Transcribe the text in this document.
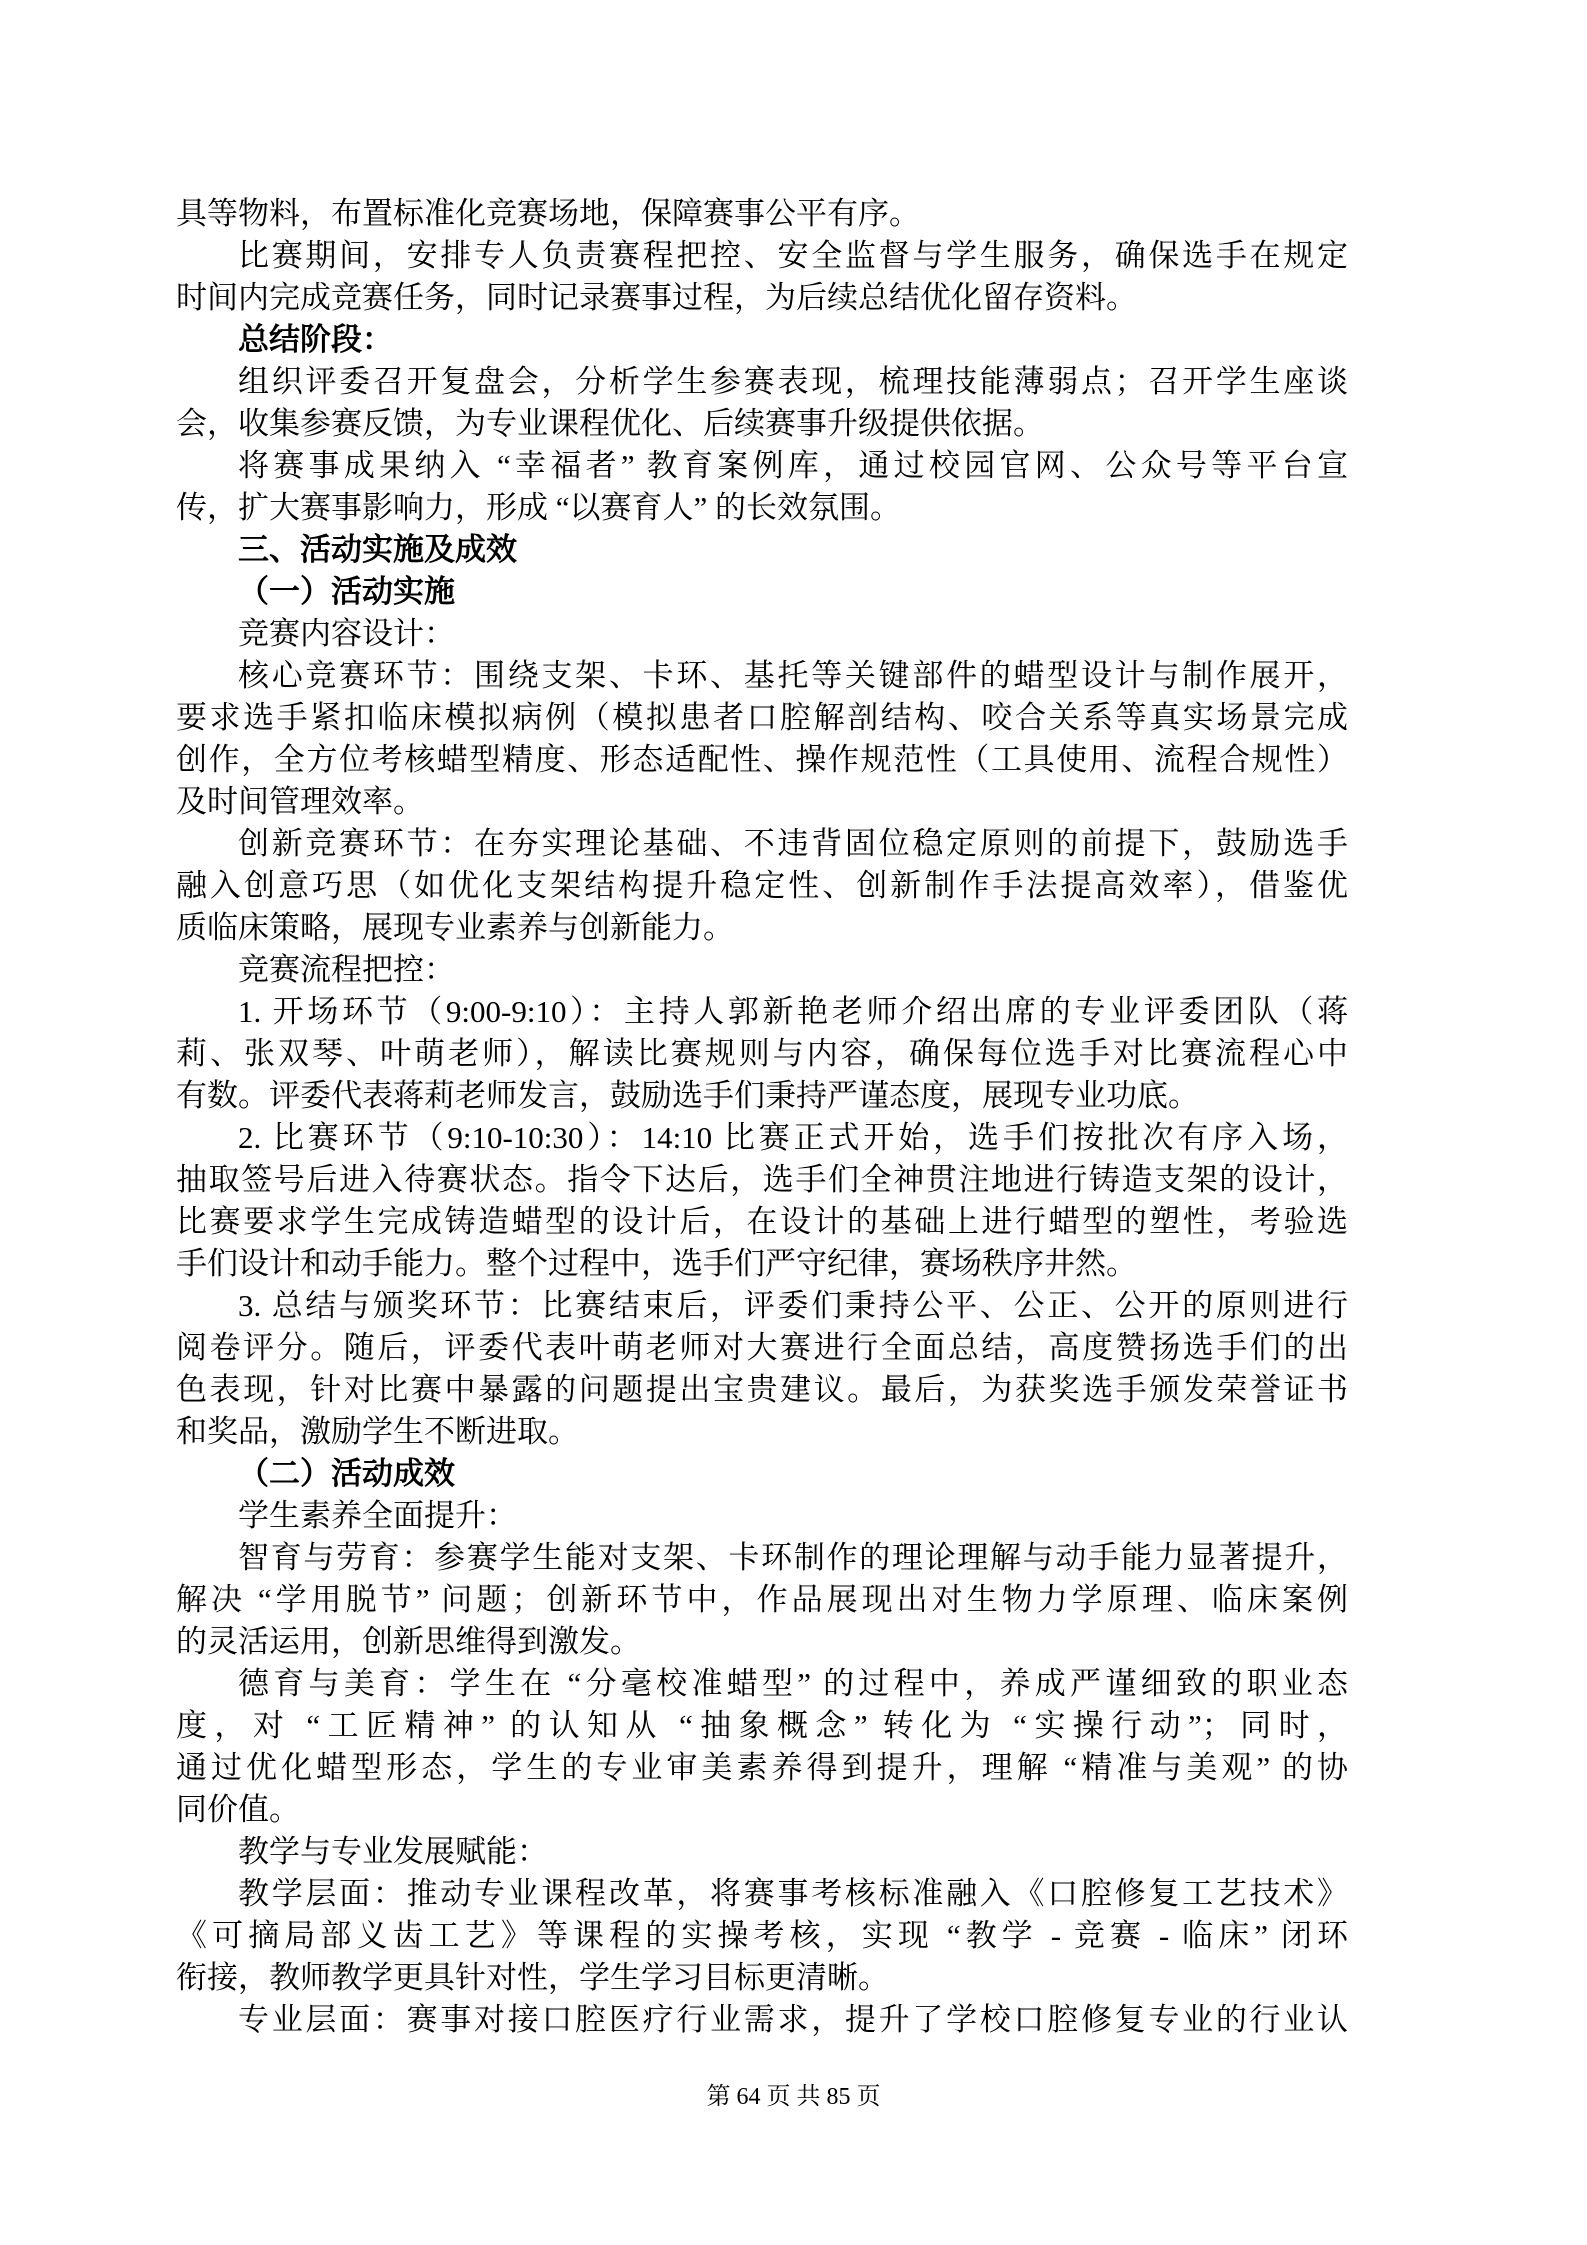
具等物料，布置标准化竞赛场地，保障赛事公平有序。
比赛期间，安排专人负责赛程把控、安全监督与学生服务，确保选手在规定
时间内完成竞赛任务，同时记录赛事过程，为后续总结优化留存资料。
总结阶段：
组织评委召开复盘会，分析学生参赛表现，梳理技能薄弱点；召开学生座谈
会，收集参赛反馈，为专业课程优化、后续赛事升级提供依据。
将赛事成果纳入 “幸福者” 教育案例库，通过校园官网、公众号等平台宣
传，扩大赛事影响力，形成 “以赛育人” 的长效氛围。
三、活动实施及成效
（一）活动实施
竞赛内容设计：
核心竞赛环节：围绕支架、卡环、基托等关键部件的蜡型设计与制作展开，
要求选手紧扣临床模拟病例（模拟患者口腔解剖结构、咬合关系等真实场景完成
创作，全方位考核蜡型精度、形态适配性、操作规范性（工具使用、流程合规性）
及时间管理效率。
创新竞赛环节：在夯实理论基础、不违背固位稳定原则的前提下，鼓励选手
融入创意巧思（如优化支架结构提升稳定性、创新制作手法提高效率），借鉴优
质临床策略，展现专业素养与创新能力。
竞赛流程把控：
1. 开场环节（9:00-9:10）：主持人郭新艳老师介绍出席的专业评委团队（蒋
莉、张双琴、叶萌老师），解读比赛规则与内容，确保每位选手对比赛流程心中
有数。评委代表蒋莉老师发言，鼓励选手们秉持严谨态度，展现专业功底。
2. 比赛环节（9:10-10:30）：14:10 比赛正式开始，选手们按批次有序入场，
抽取签号后进入待赛状态。指令下达后，选手们全神贯注地进行铸造支架的设计，
比赛要求学生完成铸造蜡型的设计后，在设计的基础上进行蜡型的塑性，考验选
手们设计和动手能力。整个过程中，选手们严守纪律，赛场秩序井然。
3. 总结与颁奖环节：比赛结束后，评委们秉持公平、公正、公开的原则进行
阅卷评分。随后，评委代表叶萌老师对大赛进行全面总结，高度赞扬选手们的出
色表现，针对比赛中暴露的问题提出宝贵建议。最后，为获奖选手颁发荣誉证书
和奖品，激励学生不断进取。
（二）活动成效
学生素养全面提升：
智育与劳育：参赛学生能对支架、卡环制作的理论理解与动手能力显著提升，
解决 “学用脱节” 问题；创新环节中，作品展现出对生物力学原理、临床案例
的灵活运用，创新思维得到激发。
德育与美育：学生在 “分毫校准蜡型” 的过程中，养成严谨细致的职业态
度，对 “工匠精神” 的认知从 “抽象概念” 转化为 “实操行动”；同时，
通过优化蜡型形态，学生的专业审美素养得到提升，理解 “精准与美观” 的协
同价值。
教学与专业发展赋能：
教学层面：推动专业课程改革，将赛事考核标准融入《口腔修复工艺技术》
《可摘局部义齿工艺》等课程的实操考核，实现 “教学 - 竞赛 - 临床” 闭环
衔接，教师教学更具针对性，学生学习目标更清晰。
专业层面：赛事对接口腔医疗行业需求，提升了学校口腔修复专业的行业认
第 64 页 共 85 页
